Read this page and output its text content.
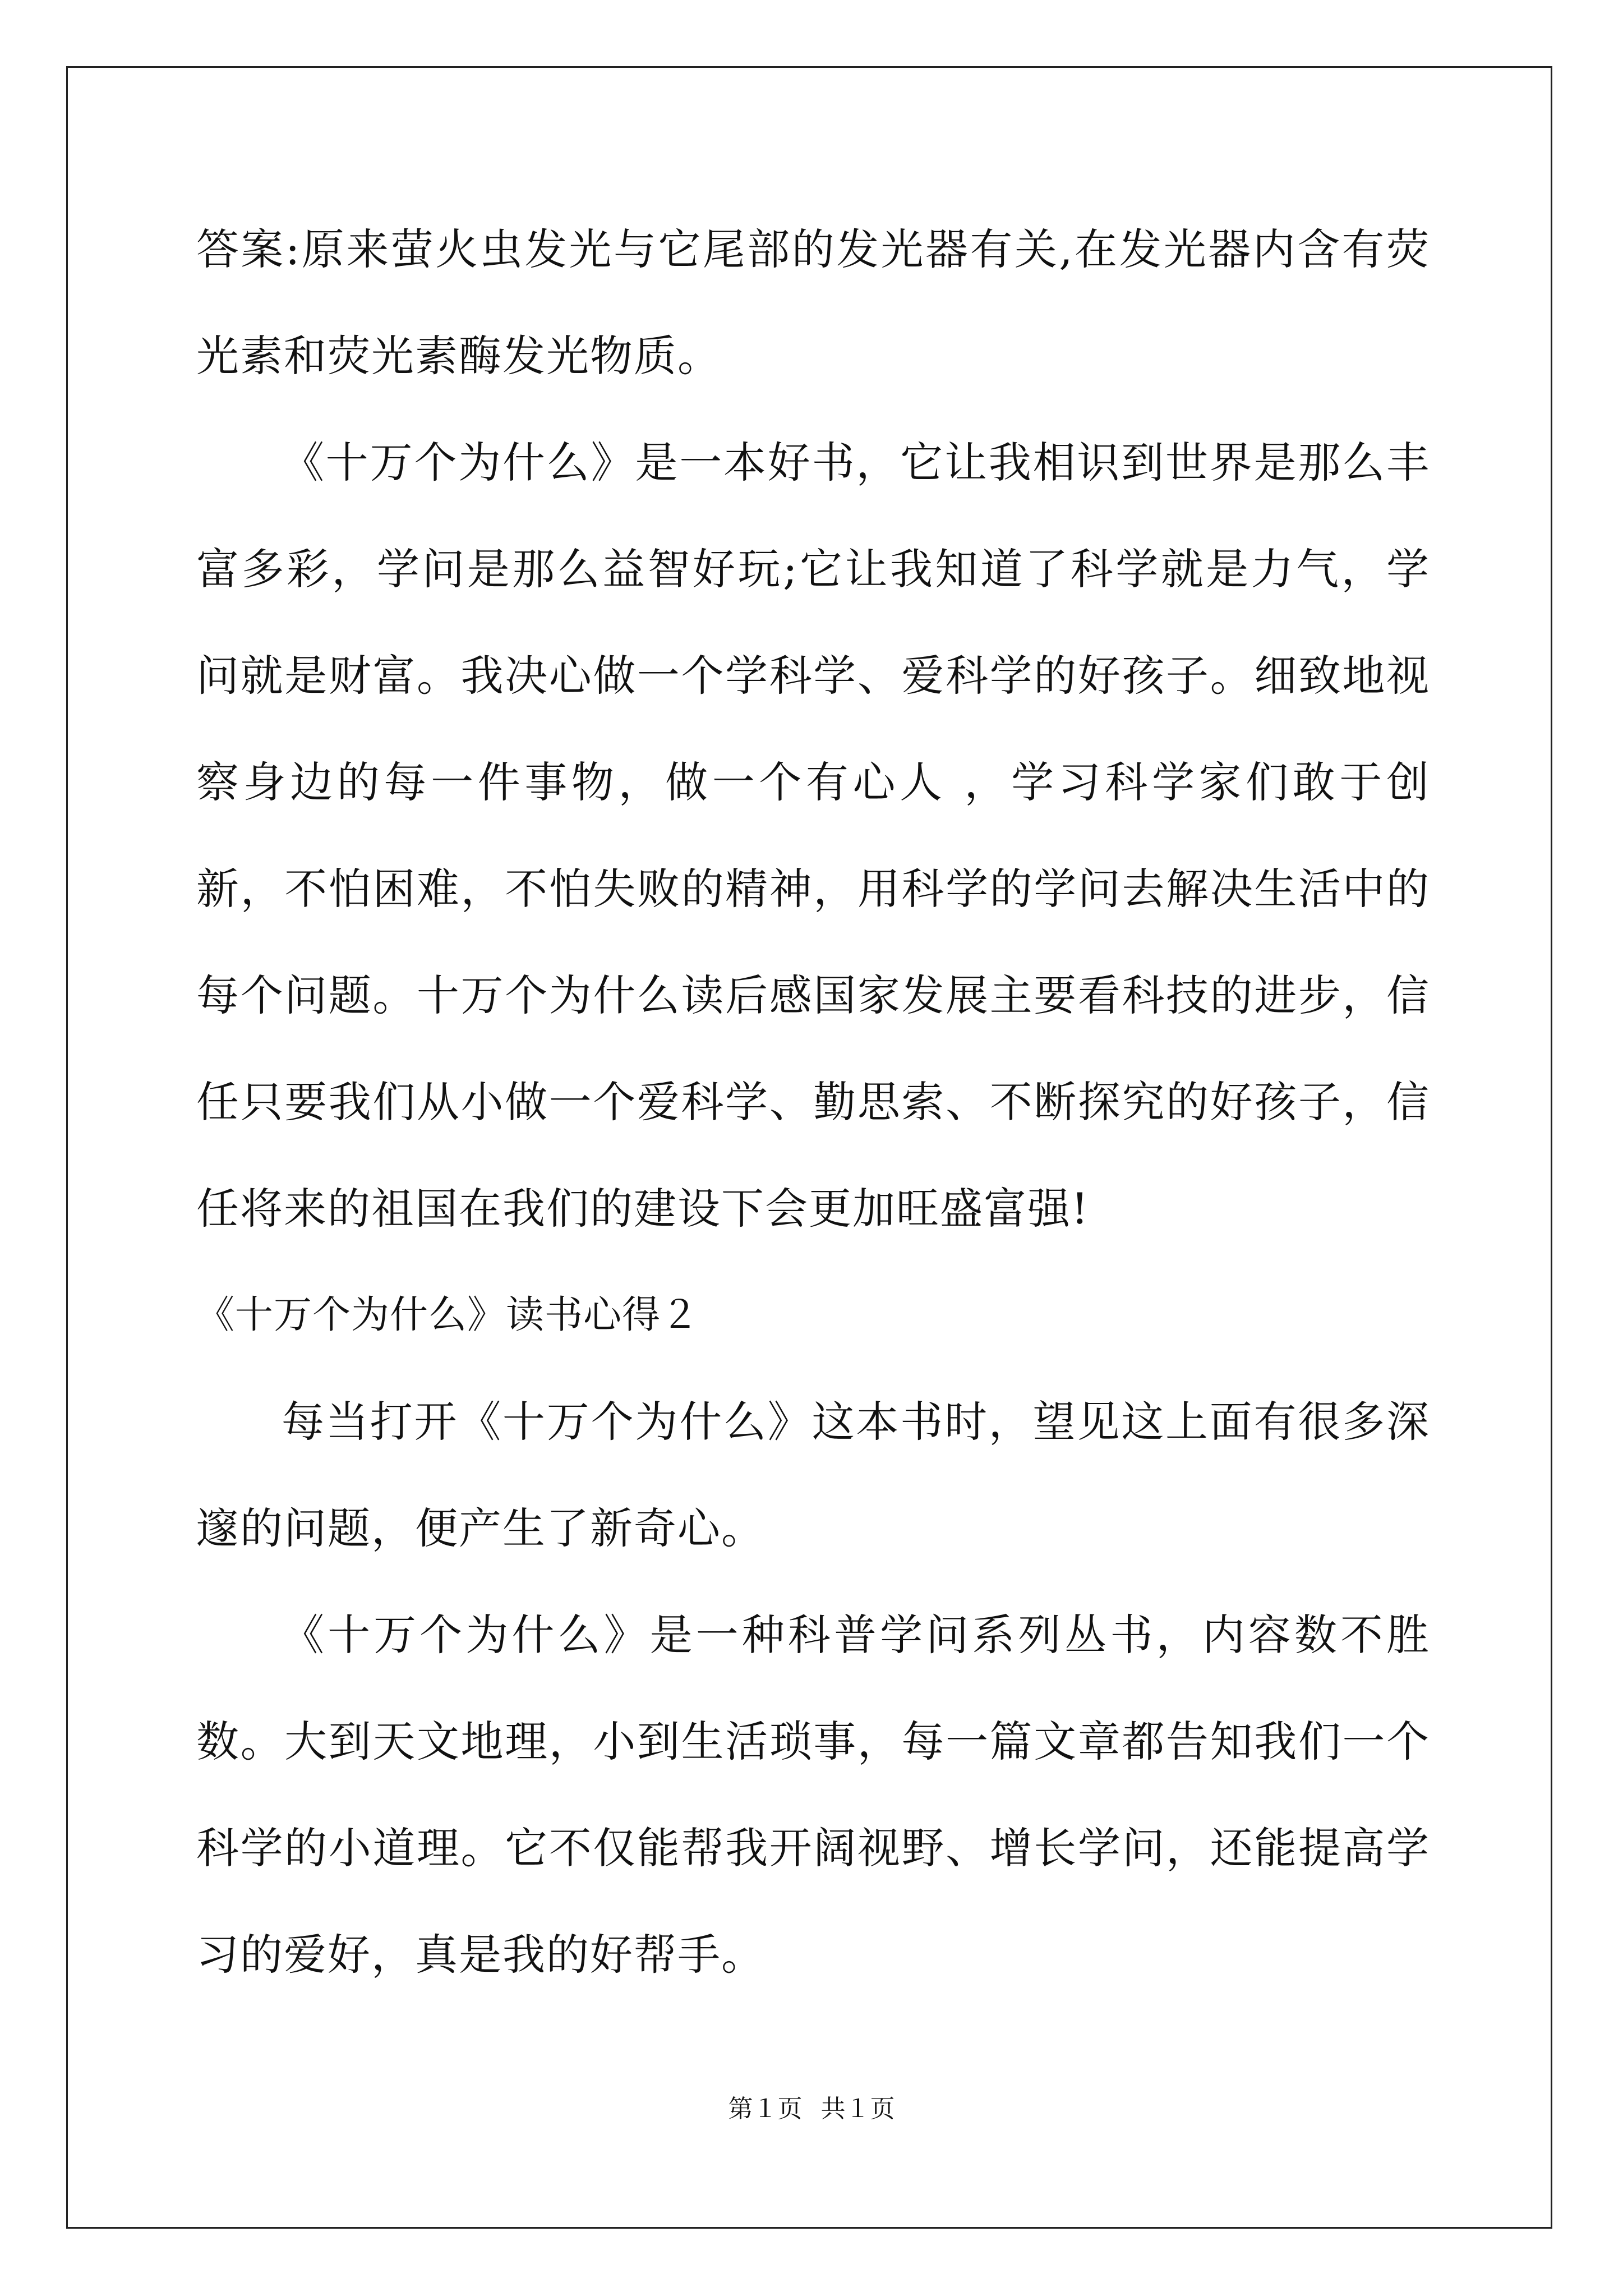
答案:原来萤火虫发光与它尾部的发光器有关,在发光器内含有荧光素和荧光素酶发光物质。

《十万个为什么》是一本好书，它让我相识到世界是那么丰富多彩，学问是那么益智好玩;它让我知道了科学就是力气，学问就是财富。我决心做一个学科学、爱科学的好孩子。细致地视察身边的每一件事物，做一个有心人 ，学习科学家们敢于创新，不怕困难，不怕失败的精神，用科学的学问去解决生活中的每个问题。十万个为什么读后感国家发展主要看科技的进步，信任只要我们从小做一个爱科学、勤思索、不断探究的好孩子，信任将来的祖国在我们的建设下会更加旺盛富强!

《十万个为什么》读书心得２

每当打开《十万个为什么》这本书时，望见这上面有很多深邃的问题，便产生了新奇心。

《十万个为什么》是一种科普学问系列丛书，内容数不胜数。大到天文地理，小到生活琐事，每一篇文章都告知我们一个科学的小道理。它不仅能帮我开阔视野、增长学问，还能提高学习的爱好，真是我的好帮手。

第１页   共１页
